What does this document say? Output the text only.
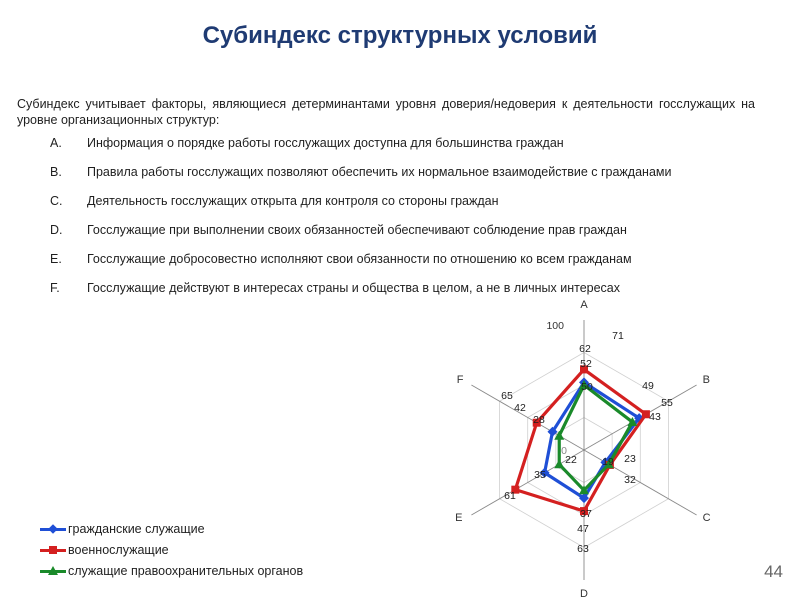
Субиндекс структурных условий
Субиндекс учитывает факторы, являющиеся детерминантами уровня доверия/недоверия к деятельности госслужащих на уровне организационных структур:
A. Информация о порядке работы госслужащих доступна для большинства граждан
B. Правила работы госслужащих позволяют обеспечить их нормальное взаимодействие с гражданами
C. Деятельность госслужащих открыта для контроля со стороны граждан
D. Госслужащие при выполнении своих обязанностей обеспечивают соблюдение прав граждан
E. Госслужащие добросовестно исполняют свои обязанности по отношению ко всем гражданам
F. Госслужащие действуют в интересах страны и общества в целом, а не в личных интересах
A
B
C
D
E
F
100
0
71
62
52
50	49
55
43
23
19
32
22
37
47
63
35
61
28
42
65
гражданские служащие
военнослужащие
служащие правоохранительных органов	44
